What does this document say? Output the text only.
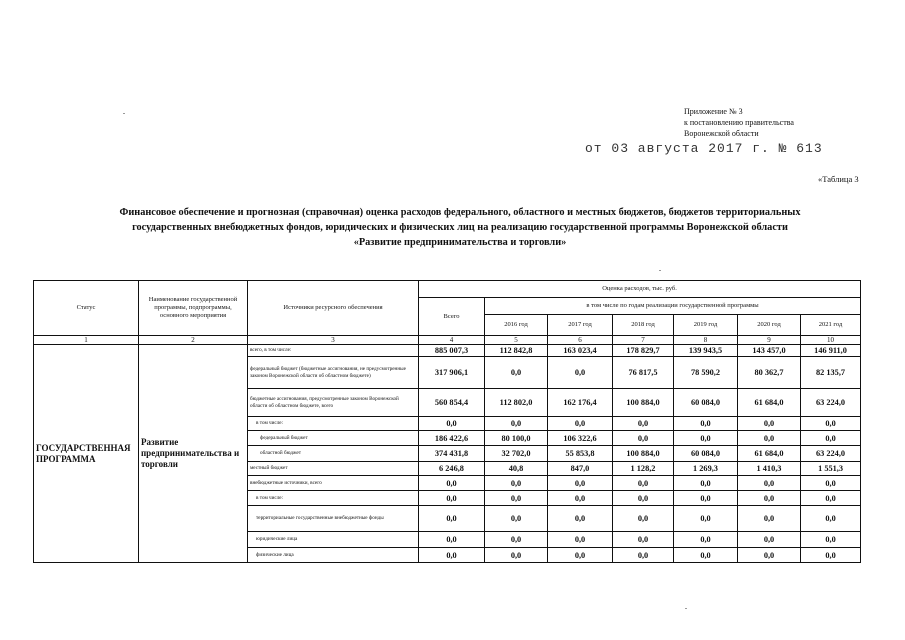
Приложение № 3
к постановлению правительства
Воронежской области
от 03 августа 2017 г. № 613
«Таблица 3
Финансовое обеспечение и прогнозная (справочная) оценка расходов федерального, областного и местных бюджетов, бюджетов территориальных
государственных внебюджетных фондов, юридических и физических лиц на реализацию государственной программы Воронежской области
«Развитие предпринимательства и торговли»
Статус	Наименование государственной программы, подпрограммы, основного мероприятия	Источники ресурсного обеспечения	Оценка расходов, тыс. руб.						
			Всего	в том числе по годам реализации государственной программы					
				2016 год	2017 год	2018 год	2019 год	2020 год	2021 год
1	2	3	4	5	6	7	8	9	10
ГОСУДАРСТВЕННАЯ ПРОГРАММА	Развитие предпринимательства и торговли	всего, в том числе:	885 007,3	112 842,8	163 023,4	178 829,7	139 943,5	143 457,0	146 911,0
		федеральный бюджет (бюджетные ассигнования, не предусмотренные законом Воронежской области об областном бюджете)	317 906,1	0,0	0,0	76 817,5	78 590,2	80 362,7	82 135,7
		бюджетные ассигнования, предусмотренные законом Воронежской области об областном бюджете, всего	560 854,4	112 802,0	162 176,4	100 884,0	60 084,0	61 684,0	63 224,0
		в том числе:	0,0	0,0	0,0	0,0	0,0	0,0	0,0
		федеральный бюджет	186 422,6	80 100,0	106 322,6	0,0	0,0	0,0	0,0
		областной бюджет	374 431,8	32 702,0	55 853,8	100 884,0	60 084,0	61 684,0	63 224,0
		местный бюджет	6 246,8	40,8	847,0	1 128,2	1 269,3	1 410,3	1 551,3
		внебюджетные источники, всего	0,0	0,0	0,0	0,0	0,0	0,0	0,0
		в том числе:	0,0	0,0	0,0	0,0	0,0	0,0	0,0
		территориальные государственные внебюджетные фонды	0,0	0,0	0,0	0,0	0,0	0,0	0,0
		юридические лица	0,0	0,0	0,0	0,0	0,0	0,0	0,0
		физические лица	0,0	0,0	0,0	0,0	0,0	0,0	0,0
